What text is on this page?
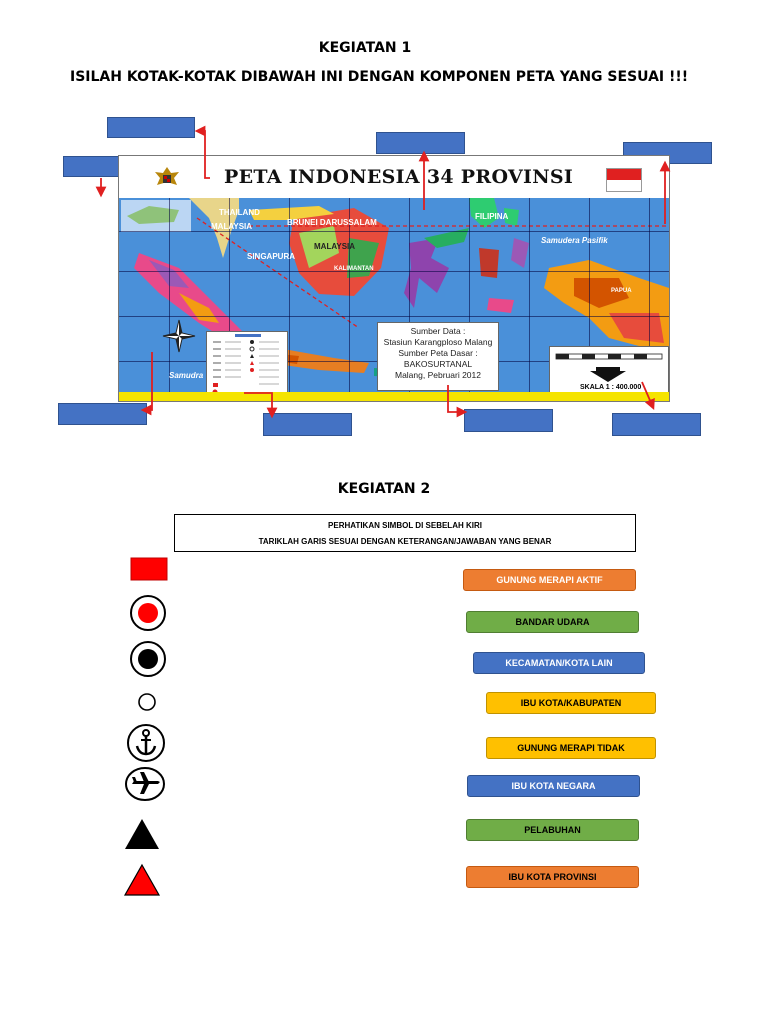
KEGIATAN 1
ISILAH KOTAK-KOTAK DIBAWAH INI DENGAN KOMPONEN PETA YANG SESUAI !!!
PETA INDONESIA 34 PROVINSI
THAILAND
MALAYSIA	BRUNEI DARUSSALAM
FILIPINA
MALAYSIA
SINGAPURA
Samudera Pasifik
KALIMANTAN
PAPUA
Samudra
Sumber Data :
Stasiun Karangploso Malang
Sumber Peta Dasar :
BAKOSURTANAL
Malang, Pebruari 2012
SKALA 1 : 400.000
KEGIATAN 2
PERHATIKAN SIMBOL DI SEBELAH KIRI
TARIKLAH GARIS SESUAI DENGAN KETERANGAN/JAWABAN YANG BENAR
GUNUNG MERAPI AKTIF
BANDAR UDARA
KECAMATAN/KOTA LAIN
IBU KOTA/KABUPATEN
GUNUNG MERAPI TIDAK
IBU KOTA NEGARA
PELABUHAN
IBU KOTA PROVINSI
